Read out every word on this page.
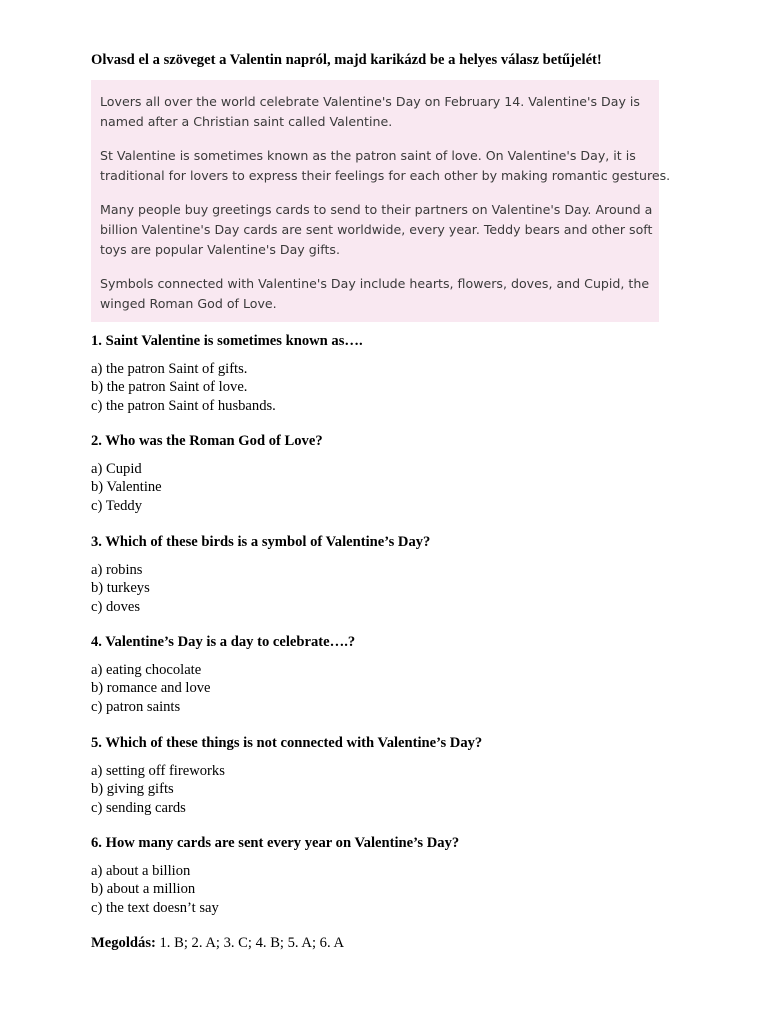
Olvasd el a szöveget a Valentin napról, majd karikázd be a helyes válasz betűjelét!

Lovers all over the world celebrate Valentine's Day on February 14. Valentine's Day is named after a Christian saint called Valentine.

St Valentine is sometimes known as the patron saint of love. On Valentine's Day, it is traditional for lovers to express their feelings for each other by making romantic gestures.

Many people buy greetings cards to send to their partners on Valentine's Day. Around a billion Valentine's Day cards are sent worldwide, every year. Teddy bears and other soft toys are popular Valentine's Day gifts.

Symbols connected with Valentine's Day include hearts, flowers, doves, and Cupid, the winged Roman God of Love.

1. Saint Valentine is sometimes known as….

a) the patron Saint of gifts.
b) the patron Saint of love.
c) the patron Saint of husbands.

2. Who was the Roman God of Love?

a) Cupid
b) Valentine
c) Teddy

3. Which of these birds is a symbol of Valentine’s Day?

a) robins
b) turkeys
c) doves

4. Valentine’s Day is a day to celebrate….?

a) eating chocolate
b) romance and love
c) patron saints

5. Which of these things is not connected with Valentine’s Day?

a) setting off fireworks
b) giving gifts
c) sending cards

6. How many cards are sent every year on Valentine’s Day?

a) about a billion
b) about a million
c) the text doesn’t say
Megoldás: 1. B; 2. A; 3. C; 4. B; 5. A; 6. A
